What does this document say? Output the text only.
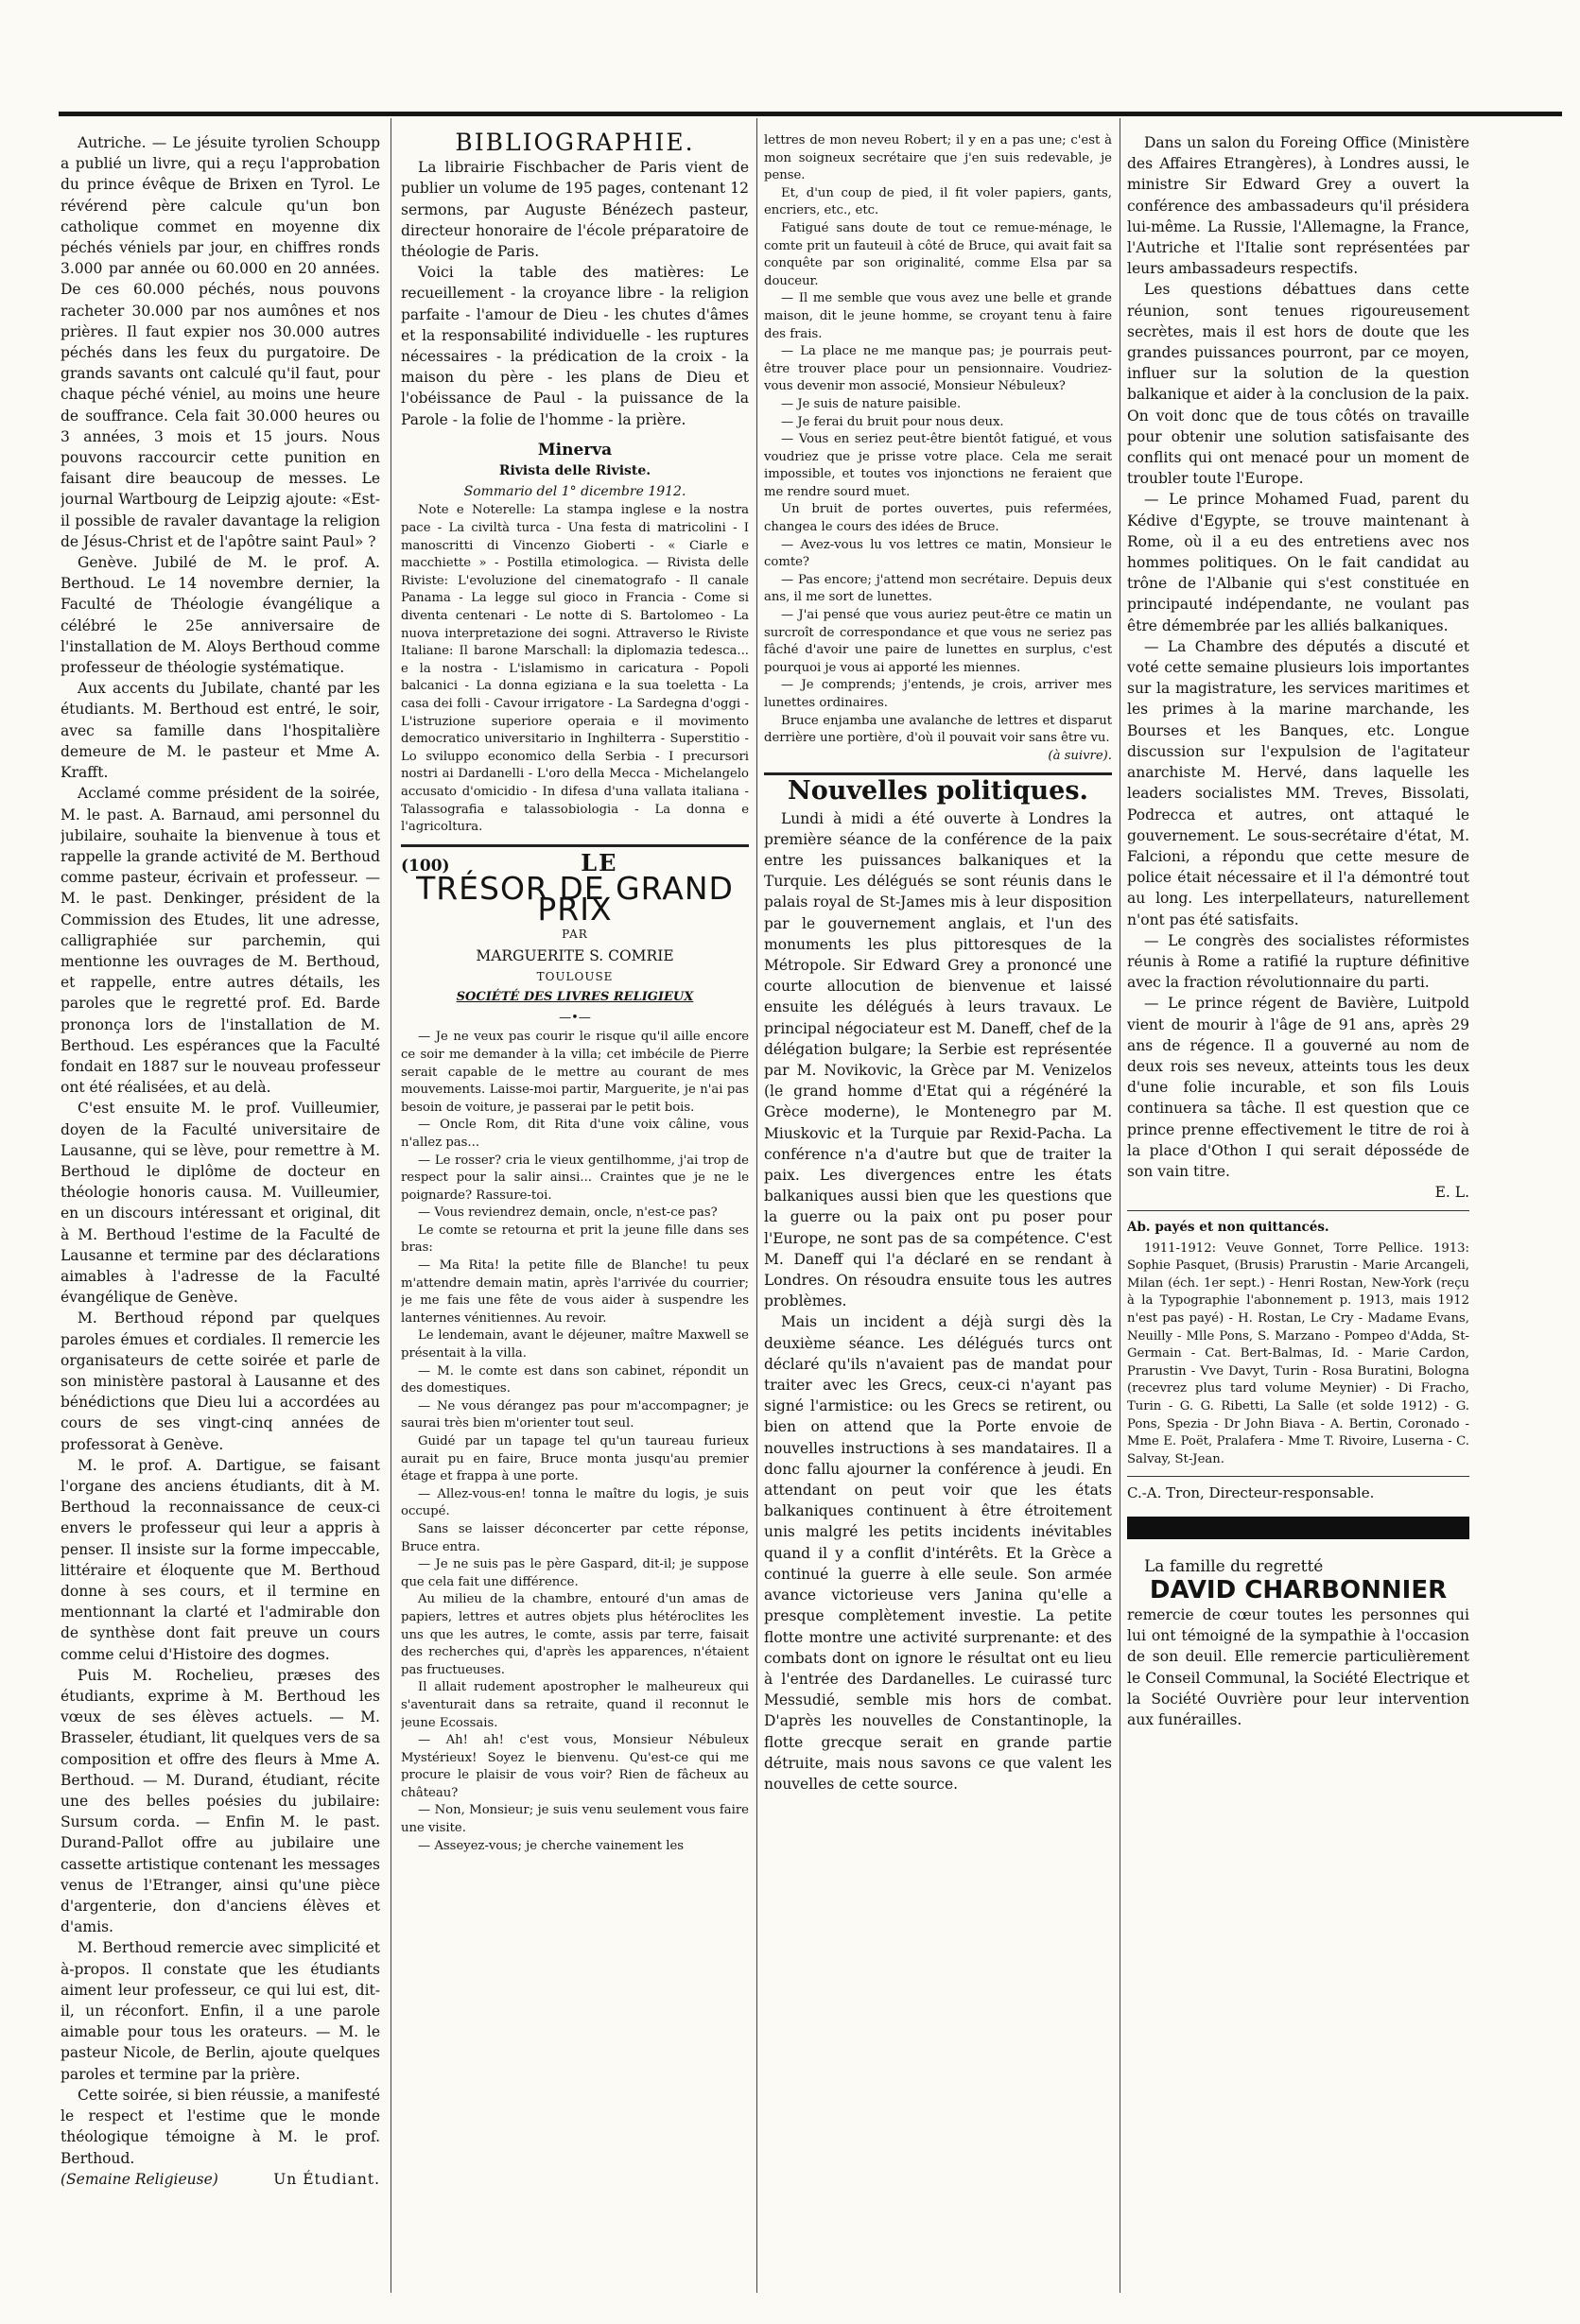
Autriche. — Le jésuite tyrolien Schoupp a publié un livre, qui a reçu l'approbation du prince évêque de Brixen en Tyrol. Le révérend père calcule qu'un bon catholique commet en moyenne dix péchés véniels par jour, en chiffres ronds 3.000 par année ou 60.000 en 20 années. De ces 60.000 péchés, nous pouvons racheter 30.000 par nos aumônes et nos prières. Il faut expier nos 30.000 autres péchés dans les feux du purgatoire. De grands savants ont calculé qu'il faut, pour chaque péché véniel, au moins une heure de souffrance. Cela fait 30.000 heures ou 3 années, 3 mois et 15 jours. Nous pouvons raccourcir cette punition en faisant dire beaucoup de messes. Le journal Wartbourg de Leipzig ajoute: «Est-il possible de ravaler davantage la religion de Jésus-Christ et de l'apôtre saint Paul» ?

Genève. Jubilé de M. le prof. A. Berthoud. Le 14 novembre dernier, la Faculté de Théologie évangélique a célébré le 25e anniversaire de l'installation de M. Aloys Berthoud comme professeur de théologie systématique.

Aux accents du Jubilate, chanté par les étudiants. M. Berthoud est entré, le soir, avec sa famille dans l'hospitalière demeure de M. le pasteur et Mme A. Krafft.

Acclamé comme président de la soirée, M. le past. A. Barnaud, ami personnel du jubilaire, souhaite la bienvenue à tous et rappelle la grande activité de M. Berthoud comme pasteur, écrivain et professeur. — M. le past. Denkinger, président de la Commission des Etudes, lit une adresse, calligraphiée sur parchemin, qui mentionne les ouvrages de M. Berthoud, et rappelle, entre autres détails, les paroles que le regretté prof. Ed. Barde prononça lors de l'installation de M. Berthoud. Les espérances que la Faculté fondait en 1887 sur le nouveau professeur ont été réalisées, et au delà.

C'est ensuite M. le prof. Vuilleumier, doyen de la Faculté universitaire de Lausanne, qui se lève, pour remettre à M. Berthoud le diplôme de docteur en théologie honoris causa. M. Vuilleumier, en un discours intéressant et original, dit à M. Berthoud l'estime de la Faculté de Lausanne et termine par des déclarations aimables à l'adresse de la Faculté évangélique de Genève.

M. Berthoud répond par quelques paroles émues et cordiales. Il remercie les organisateurs de cette soirée et parle de son ministère pastoral à Lausanne et des bénédictions que Dieu lui a accordées au cours de ses vingt-cinq années de professorat à Genève.

M. le prof. A. Dartigue, se faisant l'organe des anciens étudiants, dit à M. Berthoud la reconnaissance de ceux-ci envers le professeur qui leur a appris à penser. Il insiste sur la forme impeccable, littéraire et éloquente que M. Berthoud donne à ses cours, et il termine en mentionnant la clarté et l'admirable don de synthèse dont fait preuve un cours comme celui d'Histoire des dogmes.

Puis M. Rochelieu, præses des étudiants, exprime à M. Berthoud les vœux de ses élèves actuels. — M. Brasseler, étudiant, lit quelques vers de sa composition et offre des fleurs à Mme A. Berthoud. — M. Durand, étudiant, récite une des belles poésies du jubilaire: Sursum corda. — Enfin M. le past. Durand-Pallot offre au jubilaire une cassette artistique contenant les messages venus de l'Etranger, ainsi qu'une pièce d'argenterie, don d'anciens élèves et d'amis.

M. Berthoud remercie avec simplicité et à-propos. Il constate que les étudiants aiment leur professeur, ce qui lui est, dit-il, un réconfort. Enfin, il a une parole aimable pour tous les orateurs. — M. le pasteur Nicole, de Berlin, ajoute quelques paroles et termine par la prière.

Cette soirée, si bien réussie, a manifesté le respect et l'estime que le monde théologique témoigne à M. le prof. Berthoud.

(Semaine Religieuse)	Un Étudiant.
BIBLIOGRAPHIE.

La librairie Fischbacher de Paris vient de publier un volume de 195 pages, contenant 12 sermons, par Auguste Bénézech pasteur, directeur honoraire de l'école préparatoire de théologie de Paris.

Voici la table des matières: Le recueillement - la croyance libre - la religion parfaite - l'amour de Dieu - les chutes d'âmes et la responsabilité individuelle - les ruptures nécessaires - la prédication de la croix - la maison du père - les plans de Dieu et l'obéissance de Paul - la puissance de la Parole - la folie de l'homme - la prière.

Minerva
Rivista delle Riviste.
Sommario del 1° dicembre 1912.

Note e Noterelle: La stampa inglese e la nostra pace - La civiltà turca - Una festa di matricolini - I manoscritti di Vincenzo Gioberti - « Ciarle e macchiette » - Postilla etimologica. — Rivista delle Riviste: L'evoluzione del cinematografo - Il canale Panama - La legge sul gioco in Francia - Come si diventa centenari - Le notte di S. Bartolomeo - La nuova interpretazione dei sogni. Attraverso le Riviste Italiane: Il barone Marschall: la diplomazia tedesca... e la nostra - L'islamismo in caricatura - Popoli balcanici - La donna egiziana e la sua toeletta - La casa dei folli - Cavour irrigatore - La Sardegna d'oggi - L'istruzione superiore operaia e il movimento democratico universitario in Inghilterra - Superstitio - Lo sviluppo economico della Serbia - I precursori nostri ai Dardanelli - L'oro della Mecca - Michelangelo accusato d'omicidio - In difesa d'una vallata italiana - Talassografia e talassobiologia - La donna e l'agricoltura.

(100)	LE
TRÉSOR DE GRAND PRIX
PAR
MARGUERITE S. COMRIE
TOULOUSE
SOCIÉTÉ DES LIVRES RELIGIEUX
—•—

— Je ne veux pas courir le risque qu'il aille encore ce soir me demander à la villa; cet imbécile de Pierre serait capable de le mettre au courant de mes mouvements. Laisse-moi partir, Marguerite, je n'ai pas besoin de voiture, je passerai par le petit bois.

— Oncle Rom, dit Rita d'une voix câline, vous n'allez pas...

— Le rosser? cria le vieux gentilhomme, j'ai trop de respect pour la salir ainsi... Craintes que je ne le poignarde? Rassure-toi.

— Vous reviendrez demain, oncle, n'est-ce pas?

Le comte se retourna et prit la jeune fille dans ses bras:

— Ma Rita! la petite fille de Blanche! tu peux m'attendre demain matin, après l'arrivée du courrier; je me fais une fête de vous aider à suspendre les lanternes vénitiennes. Au revoir.

Le lendemain, avant le déjeuner, maître Maxwell se présentait à la villa.

— M. le comte est dans son cabinet, répondit un des domestiques.

— Ne vous dérangez pas pour m'accompagner; je saurai très bien m'orienter tout seul.

Guidé par un tapage tel qu'un taureau furieux aurait pu en faire, Bruce monta jusqu'au premier étage et frappa à une porte.

— Allez-vous-en! tonna le maître du logis, je suis occupé.

Sans se laisser déconcerter par cette réponse, Bruce entra.

— Je ne suis pas le père Gaspard, dit-il; je suppose que cela fait une différence.

Au milieu de la chambre, entouré d'un amas de papiers, lettres et autres objets plus hétéroclites les uns que les autres, le comte, assis par terre, faisait des recherches qui, d'après les apparences, n'étaient pas fructueuses.

Il allait rudement apostropher le malheureux qui s'aventurait dans sa retraite, quand il reconnut le jeune Ecossais.

— Ah! ah! c'est vous, Monsieur Nébuleux Mystérieux! Soyez le bienvenu. Qu'est-ce qui me procure le plaisir de vous voir? Rien de fâcheux au château?

— Non, Monsieur; je suis venu seulement vous faire une visite.

— Asseyez-vous; je cherche vainement les

lettres de mon neveu Robert; il y en a pas une; c'est à mon soigneux secrétaire que j'en suis redevable, je pense.

Et, d'un coup de pied, il fit voler papiers, gants, encriers, etc., etc.

Fatigué sans doute de tout ce remue-ménage, le comte prit un fauteuil à côté de Bruce, qui avait fait sa conquête par son originalité, comme Elsa par sa douceur.

— Il me semble que vous avez une belle et grande maison, dit le jeune homme, se croyant tenu à faire des frais.

— La place ne me manque pas; je pourrais peut-être trouver place pour un pensionnaire. Voudriez-vous devenir mon associé, Monsieur Nébuleux?

— Je suis de nature paisible.

— Je ferai du bruit pour nous deux.

— Vous en seriez peut-être bientôt fatigué, et vous voudriez que je prisse votre place. Cela me serait impossible, et toutes vos injonctions ne feraient que me rendre sourd muet.

Un bruit de portes ouvertes, puis refermées, changea le cours des idées de Bruce.

— Avez-vous lu vos lettres ce matin, Monsieur le comte?

— Pas encore; j'attend mon secrétaire. Depuis deux ans, il me sort de lunettes.

— J'ai pensé que vous auriez peut-être ce matin un surcroît de correspondance et que vous ne seriez pas fâché d'avoir une paire de lunettes en surplus, c'est pourquoi je vous ai apporté les miennes.

— Je comprends; j'entends, je crois, arriver mes lunettes ordinaires.

Bruce enjamba une avalanche de lettres et disparut derrière une portière, d'où il pouvait voir sans être vu.

(à suivre).
Nouvelles politiques.

Lundi à midi a été ouverte à Londres la première séance de la conférence de la paix entre les puissances balkaniques et la Turquie. Les délégués se sont réunis dans le palais royal de St-James mis à leur disposition par le gouvernement anglais, et l'un des monuments les plus pittoresques de la Métropole. Sir Edward Grey a prononcé une courte allocution de bienvenue et laissé ensuite les délégués à leurs travaux. Le principal négociateur est M. Daneff, chef de la délégation bulgare; la Serbie est représentée par M. Novikovic, la Grèce par M. Venizelos (le grand homme d'Etat qui a régénéré la Grèce moderne), le Montenegro par M. Miuskovic et la Turquie par Rexid-Pacha. La conférence n'a d'autre but que de traiter la paix. Les divergences entre les états balkaniques aussi bien que les questions que la guerre ou la paix ont pu poser pour l'Europe, ne sont pas de sa compétence. C'est M. Daneff qui l'a déclaré en se rendant à Londres. On résoudra ensuite tous les autres problèmes.

Mais un incident a déjà surgi dès la deuxième séance. Les délégués turcs ont déclaré qu'ils n'avaient pas de mandat pour traiter avec les Grecs, ceux-ci n'ayant pas signé l'armistice: ou les Grecs se retirent, ou bien on attend que la Porte envoie de nouvelles instructions à ses mandataires. Il a donc fallu ajourner la conférence à jeudi. En attendant on peut voir que les états balkaniques continuent à être étroitement unis malgré les petits incidents inévitables quand il y a conflit d'intérêts. Et la Grèce a continué la guerre à elle seule. Son armée avance victorieuse vers Janina qu'elle a presque complètement investie. La petite flotte montre une activité surprenante: et des combats dont on ignore le résultat ont eu lieu à l'entrée des Dardanelles. Le cuirassé turc Messudié, semble mis hors de combat. D'après les nouvelles de Constantinople, la flotte grecque serait en grande partie détruite, mais nous savons ce que valent les nouvelles de cette source.

Dans un salon du Foreing Office (Ministère des Affaires Etrangères), à Londres aussi, le ministre Sir Edward Grey a ouvert la conférence des ambassadeurs qu'il présidera lui-même. La Russie, l'Allemagne, la France, l'Autriche et l'Italie sont représentées par leurs ambassadeurs respectifs.

Les questions débattues dans cette réunion, sont tenues rigoureusement secrètes, mais il est hors de doute que les grandes puissances pourront, par ce moyen, influer sur la solution de la question balkanique et aider à la conclusion de la paix. On voit donc que de tous côtés on travaille pour obtenir une solution satisfaisante des conflits qui ont menacé pour un moment de troubler toute l'Europe.

— Le prince Mohamed Fuad, parent du Kédive d'Egypte, se trouve maintenant à Rome, où il a eu des entretiens avec nos hommes politiques. On le fait candidat au trône de l'Albanie qui s'est constituée en principauté indépendante, ne voulant pas être démembrée par les alliés balkaniques.

— La Chambre des députés a discuté et voté cette semaine plusieurs lois importantes sur la magistrature, les services maritimes et les primes à la marine marchande, les Bourses et les Banques, etc. Longue discussion sur l'expulsion de l'agitateur anarchiste M. Hervé, dans laquelle les leaders socialistes MM. Treves, Bissolati, Podrecca et autres, ont attaqué le gouvernement. Le sous-secrétaire d'état, M. Falcioni, a répondu que cette mesure de police était nécessaire et il l'a démontré tout au long. Les interpellateurs, naturellement n'ont pas été satisfaits.

— Le congrès des socialistes réformistes réunis à Rome a ratifié la rupture définitive avec la fraction révolutionnaire du parti.

— Le prince régent de Bavière, Luitpold vient de mourir à l'âge de 91 ans, après 29 ans de régence. Il a gouverné au nom de deux rois ses neveux, atteints tous les deux d'une folie incurable, et son fils Louis continuera sa tâche. Il est question que ce prince prenne effectivement le titre de roi à la place d'Othon I qui serait déposséde de son vain titre.

E. L.

Ab. payés et non quittancés.

1911-1912: Veuve Gonnet, Torre Pellice. 1913: Sophie Pasquet, (Brusis) Prarustin - Marie Arcangeli, Milan (éch. 1er sept.) - Henri Rostan, New-York (reçu à la Typographie l'abonnement p. 1913, mais 1912 n'est pas payé) - H. Rostan, Le Cry - Madame Evans, Neuilly - Mlle Pons, S. Marzano - Pompeo d'Adda, St-Germain - Cat. Bert-Balmas, Id. - Marie Cardon, Prarustin - Vve Davyt, Turin - Rosa Buratini, Bologna (recevrez plus tard volume Meynier) - Di Fracho, Turin - G. G. Ribetti, La Salle (et solde 1912) - G. Pons, Spezia - Dr John Biava - A. Bertin, Coronado - Mme E. Poët, Pralafera - Mme T. Rivoire, Luserna - C. Salvay, St-Jean.

C.-A. Tron, Directeur-responsable.

La famille du regretté

DAVID CHARBONNIER

remercie de cœur toutes les personnes qui lui ont témoigné de la sympathie à l'occasion de son deuil. Elle remercie particulièrement le Conseil Communal, la Société Electrique et la Société Ouvrière pour leur intervention aux funérailles.
